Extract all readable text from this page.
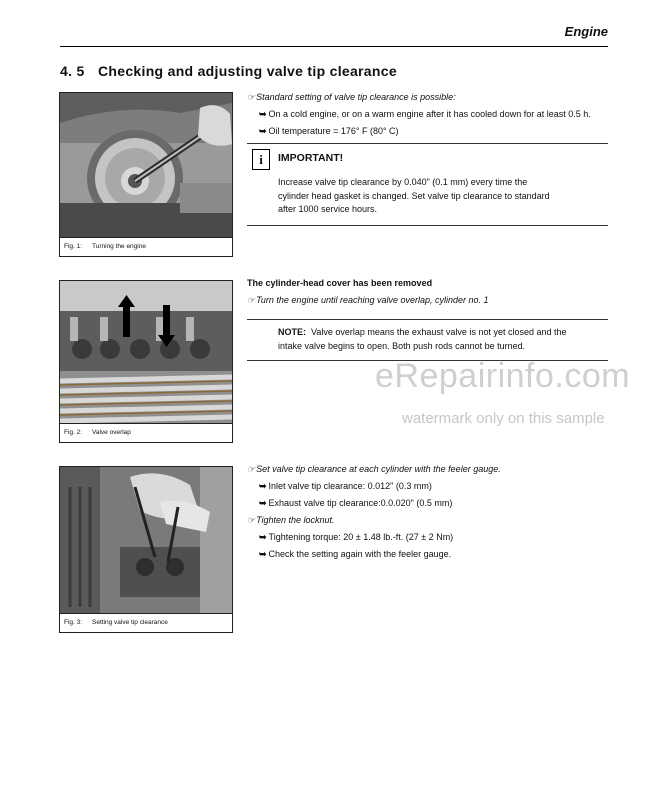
Engine
4. 5 Checking and adjusting valve tip clearance
Fig. 1: Turning the engine
Fig. 2: Valve overlap
Fig. 3: Setting valve tip clearance
☞Standard setting of valve tip clearance is possible:
➥ On a cold engine, or on a warm engine after it has cooled down for at least 0.5 h.
➥ Oil temperature = 176° F (80° C)
i	IMPORTANT!
Increase valve tip clearance by 0.040" (0.1 mm) every time the cylinder head gasket is changed. Set valve tip clearance to standard after 1000 service hours.
The cylinder-head cover has been removed
☞Turn the engine until reaching valve overlap, cylinder no. 1
NOTE: Valve overlap means the exhaust valve is not yet closed and the intake valve begins to open. Both push rods cannot be turned.
eRepairinfo.com
watermark only on this sample
☞Set valve tip clearance at each cylinder with the feeler gauge.
➥ Inlet valve tip clearance: 0.012" (0.3 mm)
➥ Exhaust valve tip clearance:0.0.020" (0.5 mm)
☞Tighten the locknut.
➥ Tightening torque: 20 ± 1.48 lb.-ft. (27 ± 2 Nm)
➥ Check the setting again with the feeler gauge.
